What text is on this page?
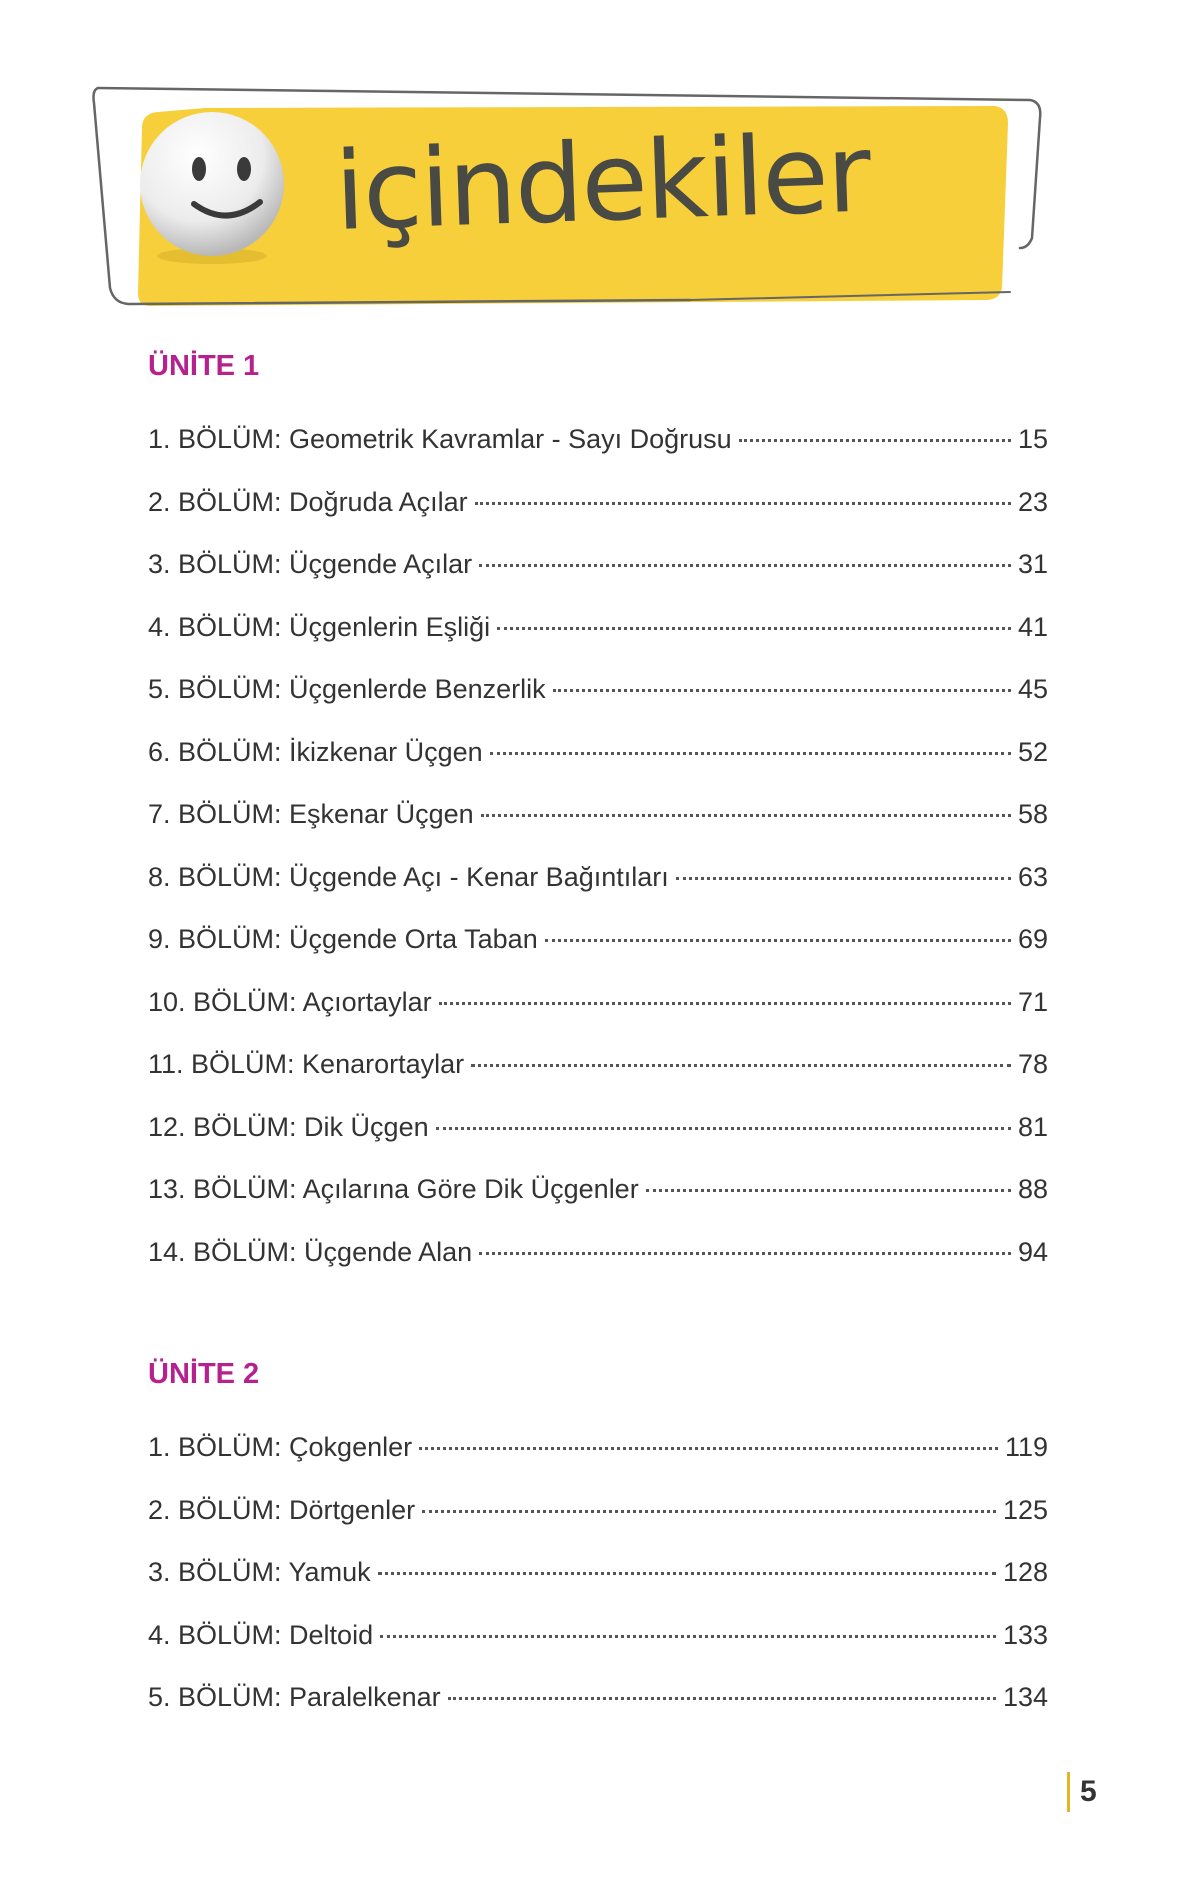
içindekiler
ÜNİTE 1
1. BÖLÜM: Geometrik Kavramlar - Sayı Doğrusu	15
2. BÖLÜM: Doğruda Açılar	23
3. BÖLÜM: Üçgende Açılar	31
4. BÖLÜM: Üçgenlerin Eşliği	41
5. BÖLÜM: Üçgenlerde Benzerlik	45
6. BÖLÜM: İkizkenar Üçgen	52
7. BÖLÜM: Eşkenar Üçgen	58
8. BÖLÜM: Üçgende Açı - Kenar Bağıntıları	63
9. BÖLÜM: Üçgende Orta Taban	69
10. BÖLÜM: Açıortaylar	71
11. BÖLÜM: Kenarortaylar	78
12. BÖLÜM: Dik Üçgen	81
13. BÖLÜM: Açılarına Göre Dik Üçgenler	88
14. BÖLÜM: Üçgende Alan	94
ÜNİTE 2
1. BÖLÜM: Çokgenler	119
2. BÖLÜM: Dörtgenler	125
3. BÖLÜM: Yamuk	128
4. BÖLÜM: Deltoid	133
5. BÖLÜM: Paralelkenar	134
5
